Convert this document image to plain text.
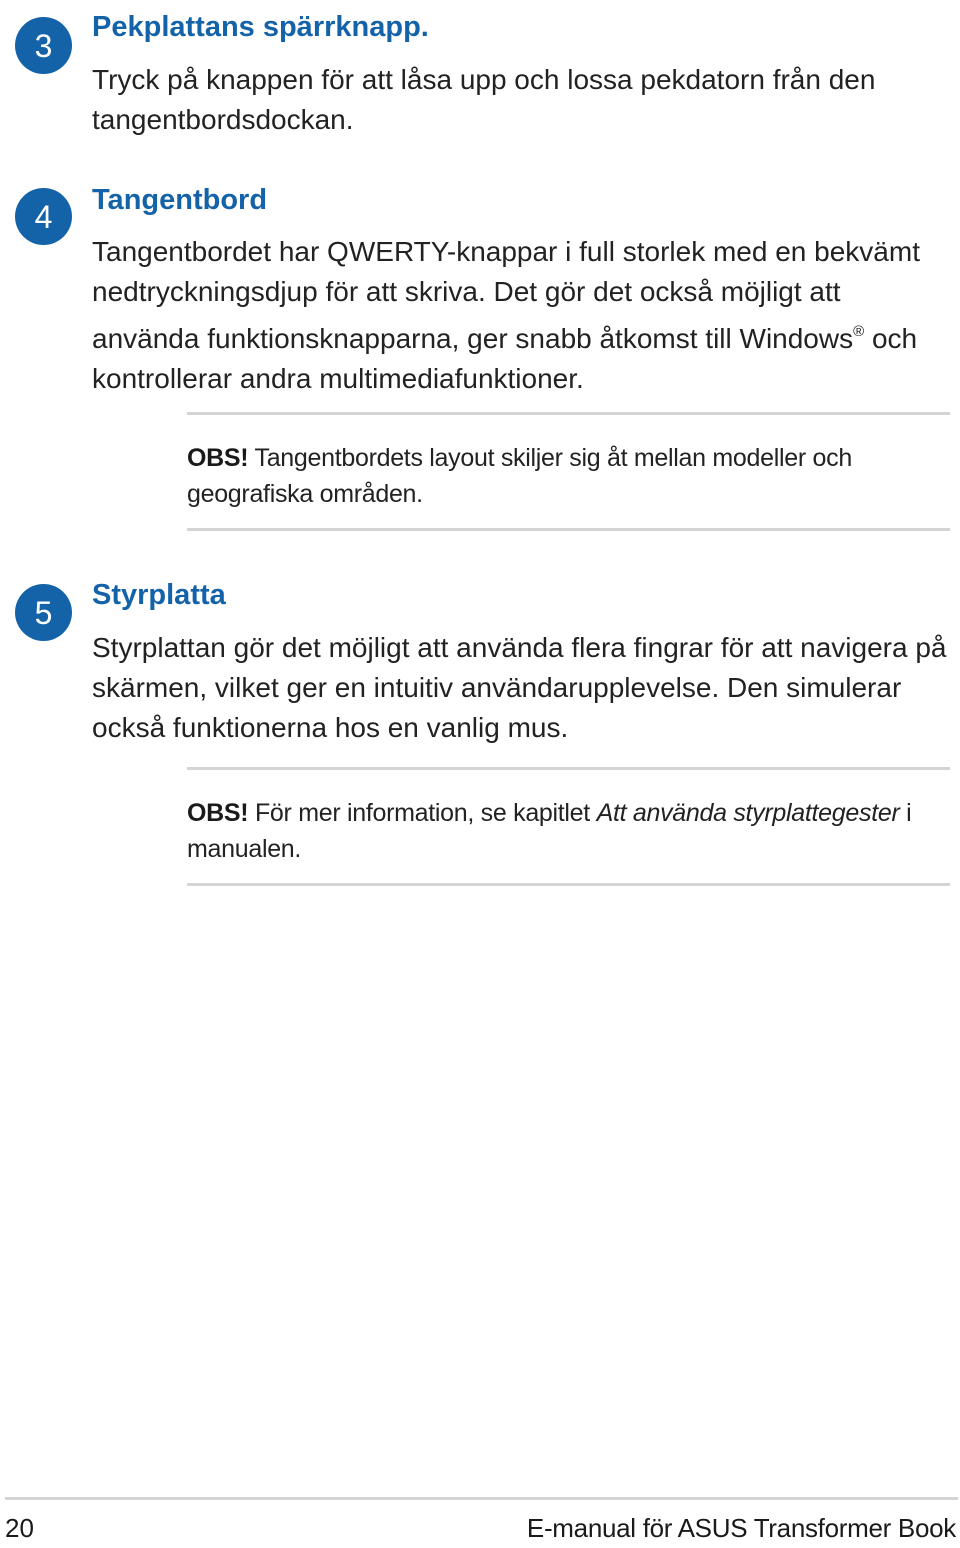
3
Pekplattans spärrknapp.

Tryck på knappen för att låsa upp och lossa pekdatorn från den tangentbordsdockan.

4	Tangentbord

Tangentbordet har QWERTY-knappar i full storlek med en bekvämt nedtryckningsdjup för att skriva. Det gör det också möjligt att använda funktionsknapparna, ger snabb åtkomst till Windows® och kontrollerar andra multimediafunktioner.

OBS! Tangentbordets layout skiljer sig åt mellan modeller och geografiska områden.

5	Styrplatta

Styrplattan gör det möjligt att använda flera fingrar för att navigera på skärmen, vilket ger en intuitiv användarupplevelse. Den simulerar också funktionerna hos en vanlig mus.

OBS! För mer information, se kapitlet Att använda styrplattegester i manualen.

20	E-manual för ASUS Transformer Book
